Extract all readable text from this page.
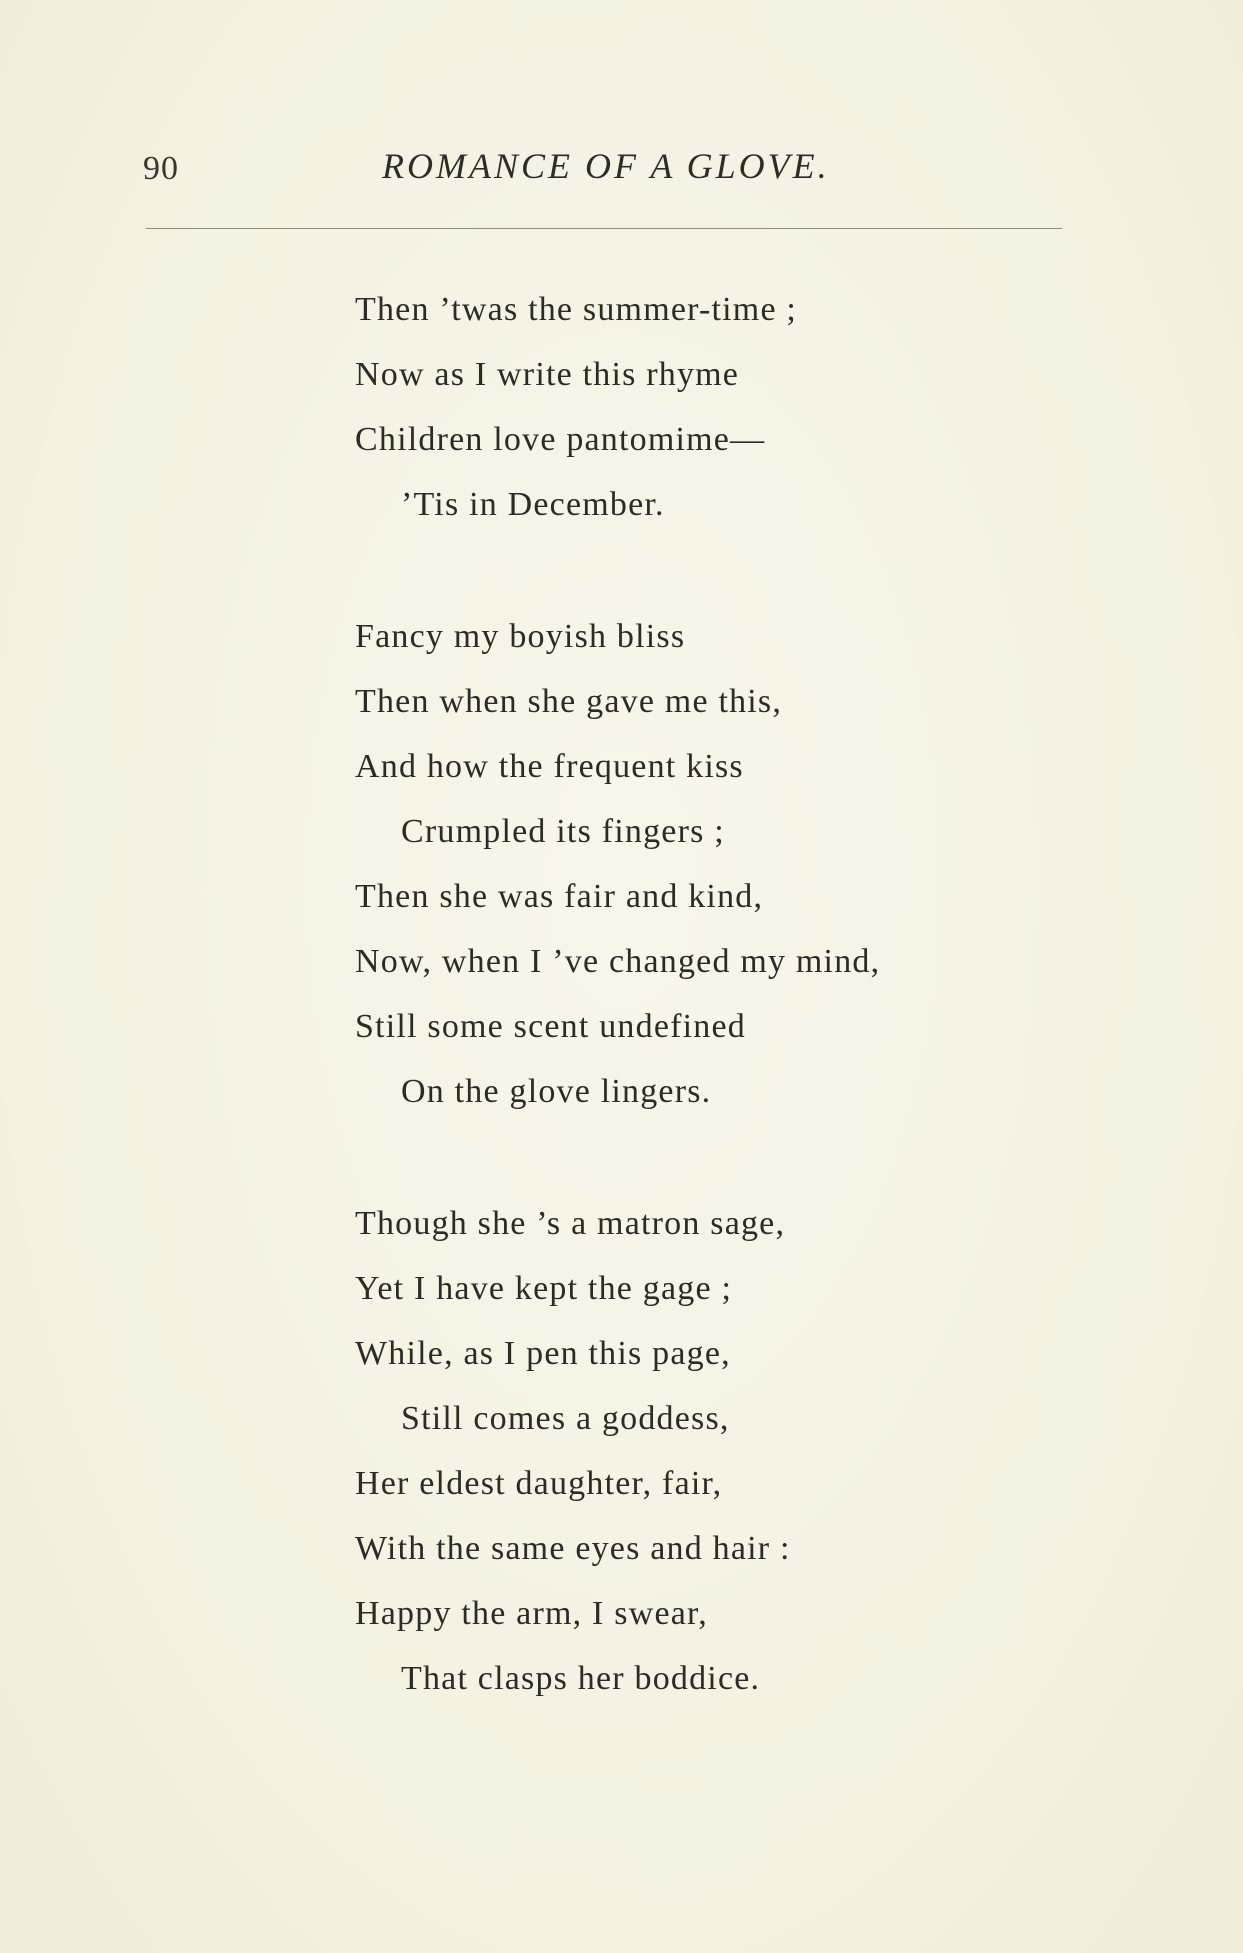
90	ROMANCE OF A GLOVE.
Then ’twas the summer-time ;
Now as I write this rhyme
Children love pantomime—
’Tis in December.
Fancy my boyish bliss
Then when she gave me this,
And how the frequent kiss
Crumpled its fingers ;
Then she was fair and kind,
Now, when I ’ve changed my mind,
Still some scent undefined
On the glove lingers.
Though she ’s a matron sage,
Yet I have kept the gage ;
While, as I pen this page,
Still comes a goddess,
Her eldest daughter, fair,
With the same eyes and hair :
Happy the arm, I swear,
That clasps her boddice.
